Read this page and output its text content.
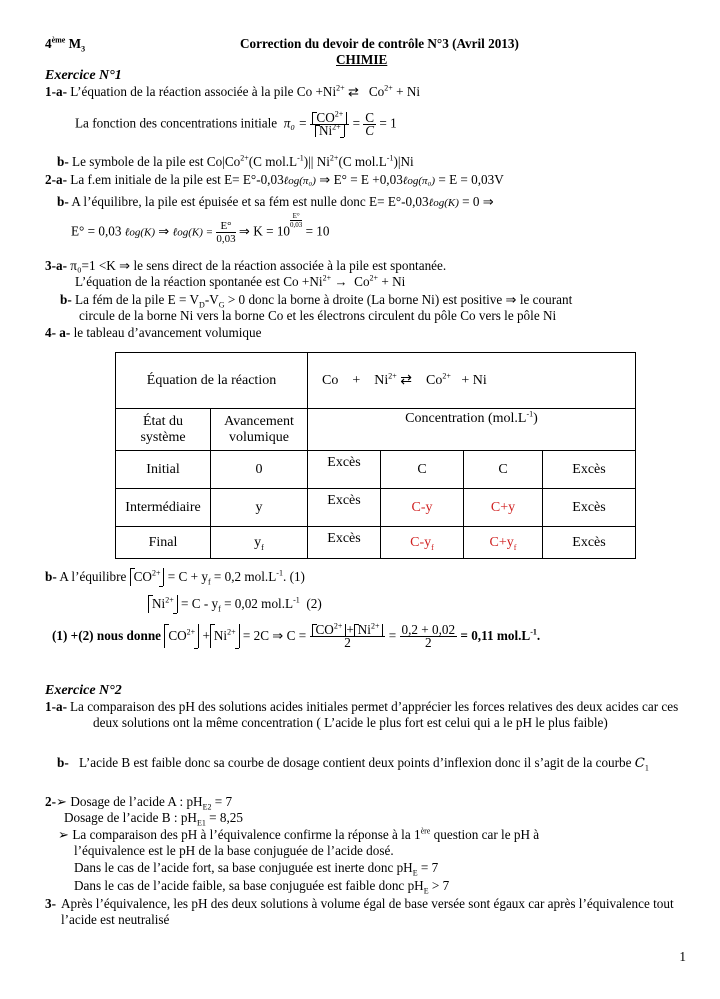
4ème $M_3$	Correction du devoir de contrôle N°3 (Avril 2013)
CHIMIE
Exercice N°1
1-a- L’équation de la réaction associée à la pile $Co +Ni^{2+}$ ⇄ $Co^{2+} + Ni$
La fonction des concentrations initiale $\pi_0 = \frac{CO^{2+}}{Ni^{2+}} = \frac{C}{C} = 1$
b- Le symbole de la pile est $Co|Co^{2+}(C$ $mol.L^{-1})||$ $Ni^{2+}(C$ $mol.L^{-1})|Ni$
2-a- La f.em initiale de la pile est E= E°-0,03ℓog(π₀) ⇒ E° = E +0,03ℓog(π₀) = E = 0,03V
b- A l’équilibre, la pile est épuisée et sa fém est nulle donc E= E°-0,03ℓog(K) = 0 ⇒
E° = 0,03 ℓog(K) ⇒ ℓog(K) = $\frac{E^\circ}{0,03}$ ⇒ K = 10
$\frac{E^\circ}{0,03}$
= 10
3-a- π₀=1 <K ⇒ le sens direct de la réaction associée à la pile est spontanée.
L’équation de la réaction spontanée est $Co +Ni^{2+} \to Co^{2+} + Ni$
b- La fém de la pile $E = V_D-V_G > 0$ donc la borne à droite (La borne Ni) est positive ⇒ le courant
circule de la borne Ni vers la borne Co et les électrons circulent du pôle Co vers le pôle Ni
4- a- le tableau d’avancement volumique
Équation de la réaction		$Co + Ni^{2+}$ ⇄ $Co^{2+} + Ni$			
État du système	Avancement volumique	Concentration $(mol.L^{-1})$			
Initial	0	Excès	C	C	Excès
Intermédiaire	y	Excès	C-y	C+y	Excès
Final	$y_f$	Excès	$C-y_f$	$C+y_f$	Excès
b- A l’équilibre $CO^{2+} = C + y_f = 0,2$ $mol.L^{-1}$. (1)
$Ni^{2+} = C - y_f = 0,02$ $mol.L^{-1}$ (2)
(1) +(2) nous donne $CO^{2+} + Ni^{2+} = 2C$ ⇒ $C = \frac{CO^{2+} + Ni^{2+}}{2} = \frac{0,2 + 0,02}{2} = 0,11$ $mol.L^{-1}$.
Exercice N°2
1-a- La comparaison des pH des solutions acides initiales permet d’apprécier les forces relatives des deux acides car ces deux solutions ont la même concentration ( L’acide le plus fort est celui qui a le pH le plus faible)
b- L’acide B est faible donc sa courbe de dosage contient deux points d’inflexion donc il s’agit de la courbe $C_1$
2-➢ Dosage de l’acide A : $pH_{E2} = 7$
Dosage de l’acide B : $pH_{E1} = 8,25$
➢ La comparaison des pH à l’équivalence confirme la réponse à la 1ère question car le pH à
l’équivalence est le pH de la base conjuguée de l’acide dosé.
Dans le cas de l’acide fort, sa base conjuguée est inerte donc $pH_E = 7$
Dans le cas de l’acide faible, sa base conjuguée est faible donc $pH_E > 7$
3- Après l’équivalence, les pH des deux solutions à volume égal de base versée sont égaux car après l’équivalence tout l’acide est neutralisé
1
